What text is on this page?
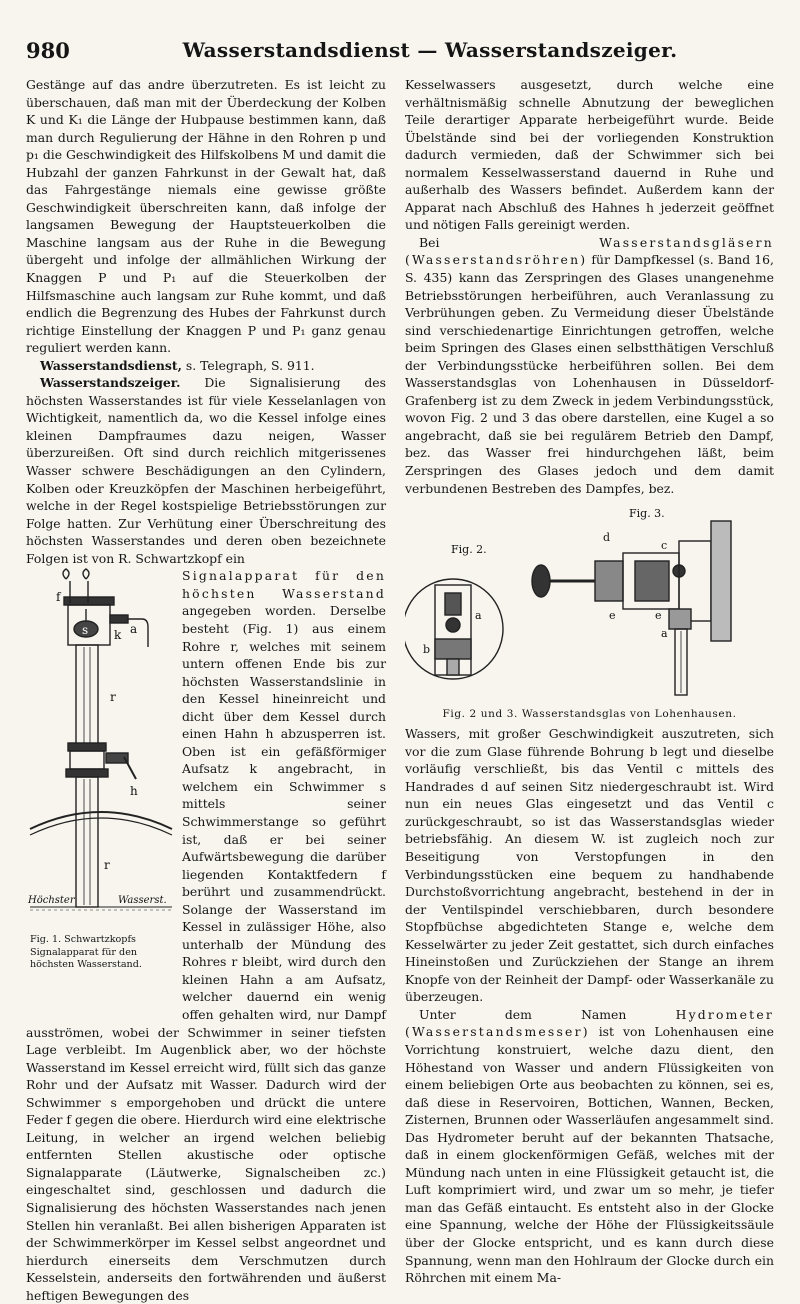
980	Wasserstandsdienst — Wasserstandszeiger.

Gestänge auf das andre überzutreten. Es ist leicht zu überschauen, daß man mit der Überdeckung der Kolben K und K₁ die Länge der Hubpause bestimmen kann, daß man durch Regulierung der Hähne in den Rohren p und p₁ die Geschwindigkeit des Hilfskolbens M und damit die Hubzahl der ganzen Fahrkunst in der Gewalt hat, daß das Fahrgestänge niemals eine gewisse größte Geschwindigkeit überschreiten kann, daß infolge der langsamen Bewegung der Hauptsteuerkolben die Maschine langsam aus der Ruhe in die Bewegung übergeht und infolge der allmählichen Wirkung der Knaggen P und P₁ auf die Steuerkolben der Hilfsmaschine auch langsam zur Ruhe kommt, und daß endlich die Begrenzung des Hubes der Fahrkunst durch richtige Einstellung der Knaggen P und P₁ ganz genau reguliert werden kann.

Wasserstandsdienst, s. Telegraph, S. 911.

Wasserstandszeiger. Die Signalisierung des höchsten Wasserstandes ist für viele Kesselanlagen von Wichtigkeit, namentlich da, wo die Kessel infolge eines kleinen Dampfraumes dazu neigen, Wasser überzureißen. Oft sind durch reichlich mitgerissenes Wasser schwere Beschädigungen an den Cylindern, Kolben oder Kreuzköpfen der Maschinen herbeigeführt, welche in der Regel kostspielige Betriebsstörungen zur Folge hatten. Zur Verhütung einer Überschreitung des höchsten Wasserstandes und deren oben bezeichnete Folgen ist von R. Schwartzkopf ein

f
k
s	a
r
h
r
Höchster	Wasserst.
Fig. 1. Schwartzkopfs Signalapparat für den höchsten Wasserstand.

Signalapparat für den höchsten Wasserstand angegeben worden. Derselbe besteht (Fig. 1) aus einem Rohre r, welches mit seinem untern offenen Ende bis zur höchsten Wasserstandslinie in den Kessel hineinreicht und dicht über dem Kessel durch einen Hahn h abzusperren ist. Oben ist ein gefäßförmiger Aufsatz k angebracht, in welchem ein Schwimmer s mittels seiner Schwimmerstange so geführt ist, daß er bei seiner Aufwärtsbewegung die darüber liegenden Kontaktfedern f berührt und zusammendrückt. Solange der Wasserstand im Kessel in zulässiger Höhe, also unterhalb der Mündung des Rohres r bleibt, wird durch den kleinen Hahn a am Aufsatz, welcher dauernd ein wenig offen gehalten wird, nur Dampf ausströmen, wobei der Schwimmer in seiner tiefsten Lage verbleibt. Im Augenblick aber, wo der höchste Wasserstand im Kessel erreicht wird, füllt sich das ganze Rohr und der Aufsatz mit Wasser. Dadurch wird der Schwimmer s emporgehoben und drückt die untere Feder f gegen die obere. Hierdurch wird eine elektrische Leitung, in welcher an irgend welchen beliebig entfernten Stellen akustische oder optische Signalapparate (Läutwerke, Signalscheiben zc.) eingeschaltet sind, geschlossen und dadurch die Signalisierung des höchsten Wasserstandes nach jenen Stellen hin veranlaßt. Bei allen bisherigen Apparaten ist der Schwimmerkörper im Kessel selbst angeordnet und hierdurch einerseits dem Verschmutzen durch Kesselstein, anderseits den fortwährenden und äußerst heftigen Bewegungen des

Kesselwassers ausgesetzt, durch welche eine verhältnismäßig schnelle Abnutzung der beweglichen Teile derartiger Apparate herbeigeführt wurde. Beide Übelstände sind bei der vorliegenden Konstruktion dadurch vermieden, daß der Schwimmer sich bei normalem Kesselwasserstand dauernd in Ruhe und außerhalb des Wassers befindet. Außerdem kann der Apparat nach Abschluß des Hahnes h jederzeit geöffnet und nötigen Falls gereinigt werden.

Bei Wasserstandsgläsern (Wasserstandsröhren) für Dampfkessel (s. Band 16, S. 435) kann das Zerspringen des Glases unangenehme Betriebsstörungen herbeiführen, auch Veranlassung zu Verbrühungen geben. Zu Vermeidung dieser Übelstände sind verschiedenartige Einrichtungen getroffen, welche beim Springen des Glases einen selbstthätigen Verschluß der Verbindungsstücke herbeiführen sollen. Bei dem Wasserstandsglas von Lohenhausen in Düsseldorf-Grafenberg ist zu dem Zweck in jedem Verbindungsstück, wovon Fig. 2 und 3 das obere darstellen, eine Kugel a so angebracht, daß sie bei regulärem Betrieb den Dampf, bez. das Wasser frei hindurchgehen läßt, beim Zerspringen des Glases jedoch und dem damit verbundenen Bestreben des Dampfes, bez.

Fig. 2.
Fig. 3.
a
b
d
c
e	e
a
Fig. 2 und 3. Wasserstandsglas von Lohenhausen.

Wassers, mit großer Geschwindigkeit auszutreten, sich vor die zum Glase führende Bohrung b legt und dieselbe vorläufig verschließt, bis das Ventil c mittels des Handrades d auf seinen Sitz niedergeschraubt ist. Wird nun ein neues Glas eingesetzt und das Ventil c zurückgeschraubt, so ist das Wasserstandsglas wieder betriebsfähig. An diesem W. ist zugleich noch zur Beseitigung von Verstopfungen in den Verbindungsstücken eine bequem zu handhabende Durchstoßvorrichtung angebracht, bestehend in der in der Ventilspindel verschiebbaren, durch besondere Stopfbüchse abgedichteten Stange e, welche dem Kesselwärter zu jeder Zeit gestattet, sich durch einfaches Hineinstoßen und Zurückziehen der Stange an ihrem Knopfe von der Reinheit der Dampf- oder Wasserkanäle zu überzeugen.

Unter dem Namen Hydrometer (Wasserstandsmesser) ist von Lohenhausen eine Vorrichtung konstruiert, welche dazu dient, den Höhestand von Wasser und andern Flüssigkeiten von einem beliebigen Orte aus beobachten zu können, sei es, daß diese in Reservoiren, Bottichen, Wannen, Becken, Zisternen, Brunnen oder Wasserläufen angesammelt sind. Das Hydrometer beruht auf der bekannten Thatsache, daß in einem glockenförmigen Gefäß, welches mit der Mündung nach unten in eine Flüssigkeit getaucht ist, die Luft komprimiert wird, und zwar um so mehr, je tiefer man das Gefäß eintaucht. Es entsteht also in der Glocke eine Spannung, welche der Höhe der Flüssigkeitssäule über der Glocke entspricht, und es kann durch diese Spannung, wenn man den Hohlraum der Glocke durch ein Röhrchen mit einem Ma-
